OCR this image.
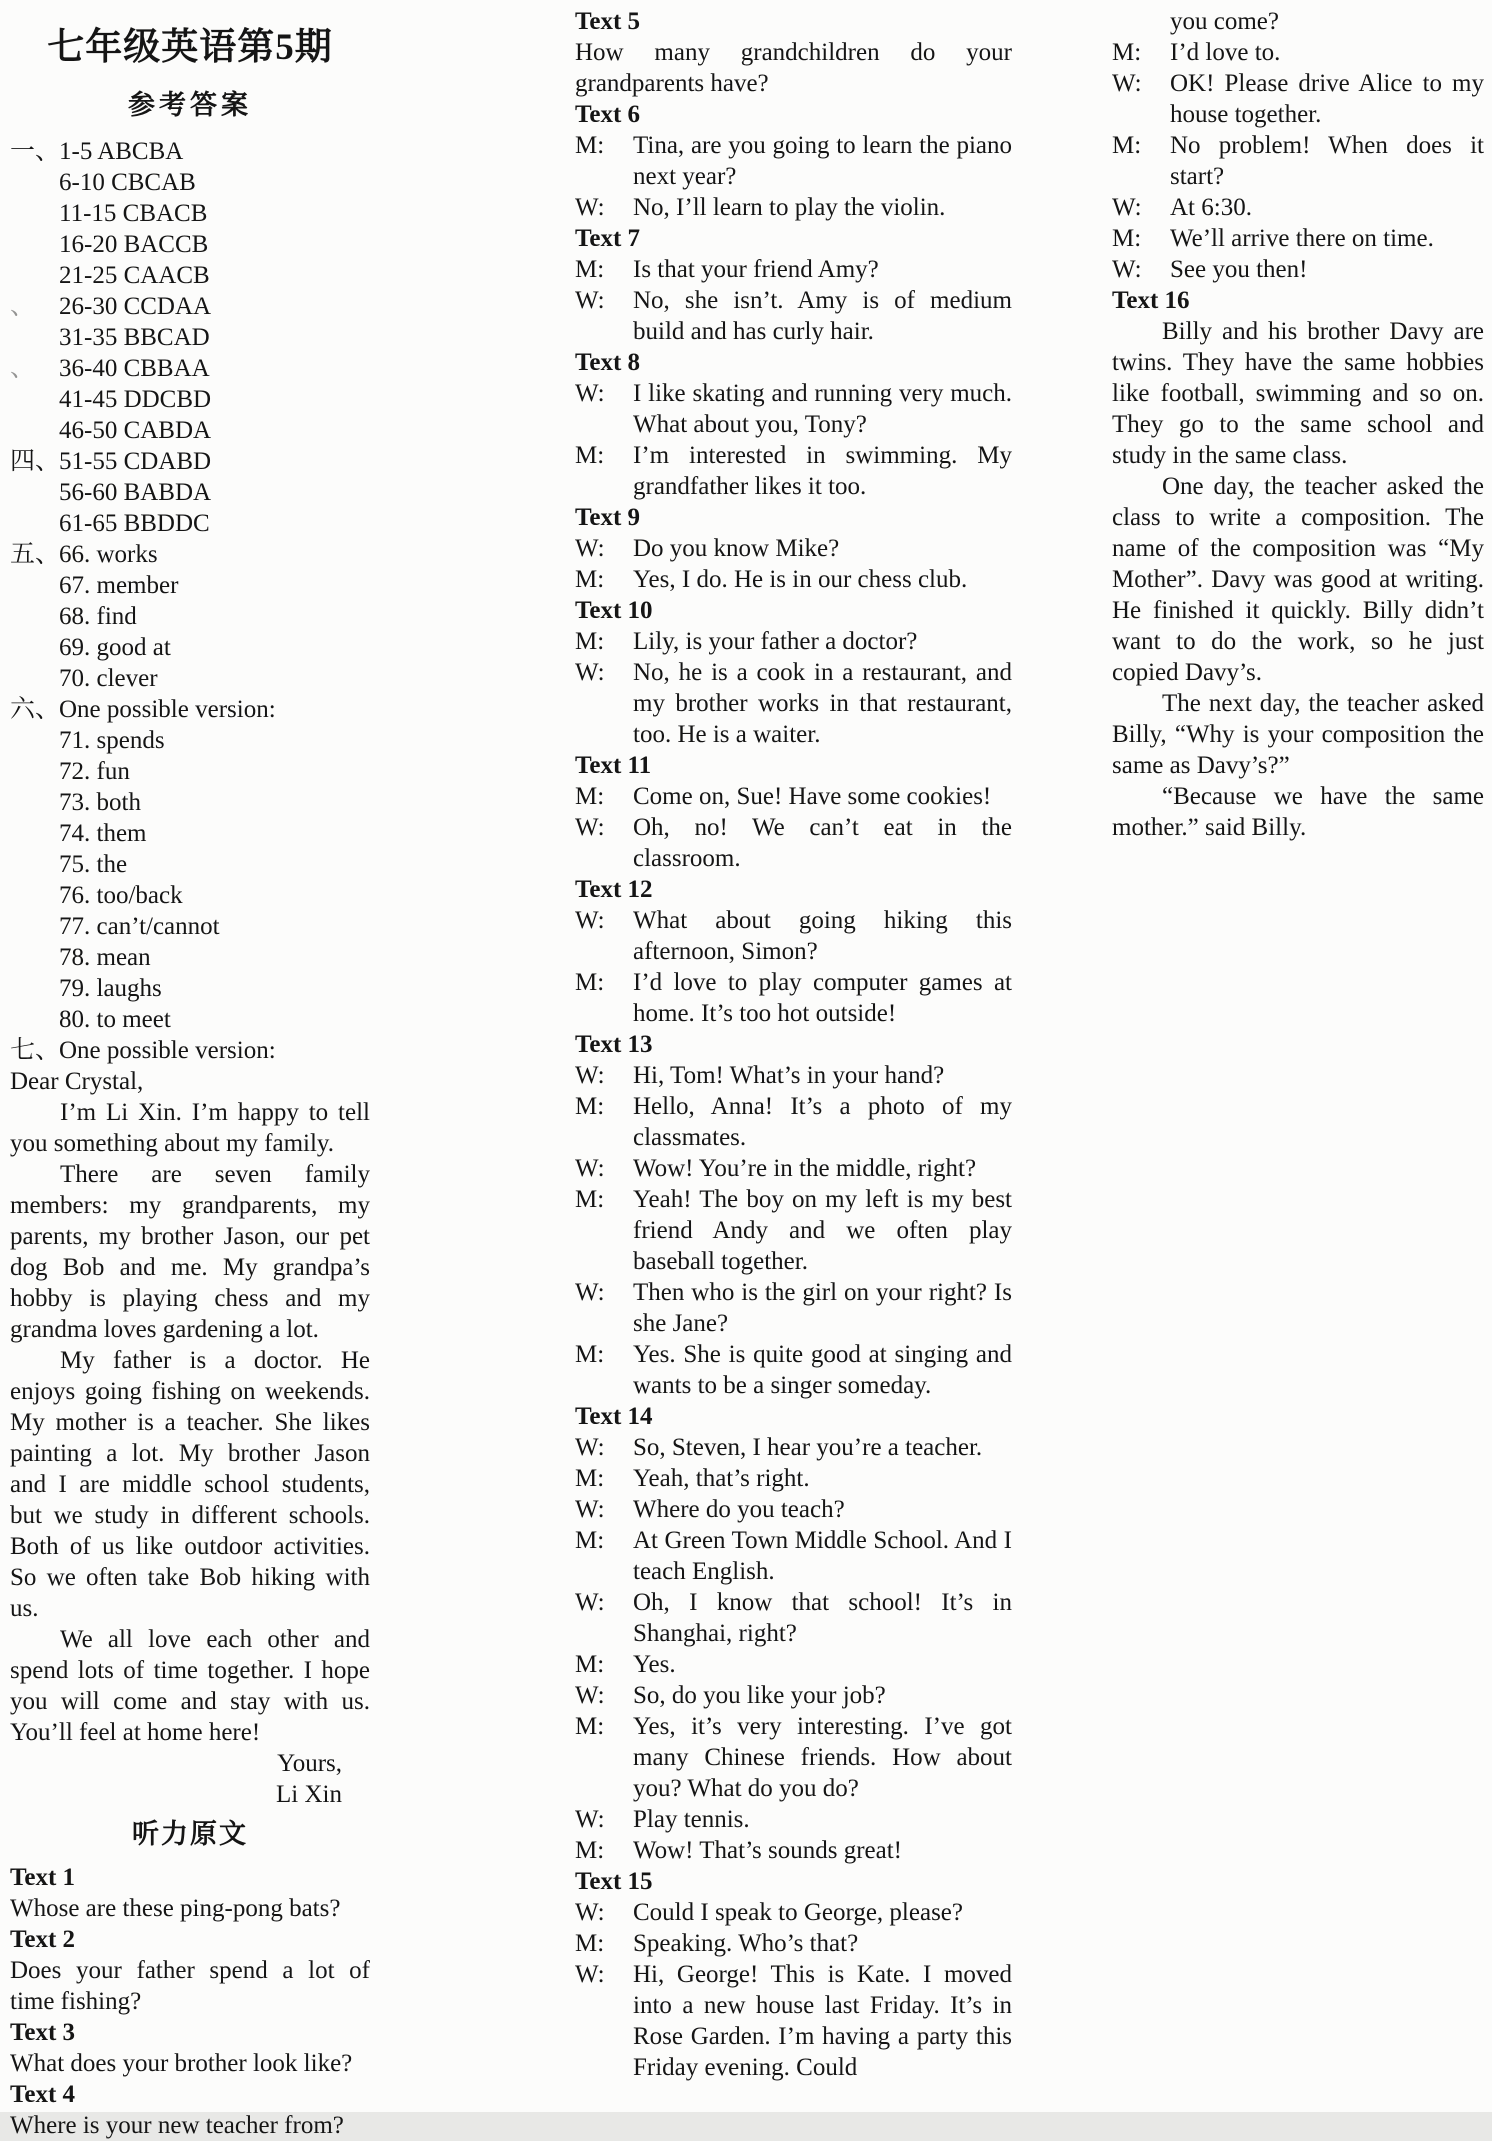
七年级英语第5期
参考答案
一、
1-5 ABCBA
6-10 CBCAB
11-15 CBACB
16-20 BACCB
21-25 CAACB
、 26-30 CCDAA
31-35 BBCAD
、 36-40 CBBAA
41-45 DDCBD
46-50 CABDA
四、
51-55 CDABD
56-60 BABDA
61-65 BBDDC
五、
66. works
67. member
68. find
69. good at
70. clever
六、
One possible version:
71. spends
72. fun
73. both
74. them
75. the
76. too/back
77. can’t/cannot
78. mean
79. laughs
80. to meet
七、
One possible version:
Dear Crystal,

I’m Li Xin. I’m happy to tell you something about my family.

There are seven family members: my grandparents, my parents, my brother Jason, our pet dog Bob and me. My grandpa’s hobby is playing chess and my grandma loves gardening a lot.

My father is a doctor. He enjoys going fishing on weekends. My mother is a teacher. She likes painting a lot. My brother Jason and I are middle school students, but we study in different schools. Both of us like outdoor activities. So we often take Bob hiking with us.

We all love each other and spend lots of time together. I hope you will come and stay with us. You’ll feel at home here!

Yours,
Li Xin
听力原文
Text 1

Whose are these ping-pong bats?

Text 2

Does your father spend a lot of time fishing?

Text 3

What does your brother look like?

Text 4

Where is your new teacher from?

Text 5

How many grandchildren do your grandparents have?

Text 6

M: Tina, are you going to learn the piano next year?

W: No, I’ll learn to play the violin.

Text 7

M: Is that your friend Amy?

W: No, she isn’t. Amy is of medium build and has curly hair.

Text 8

W: I like skating and running very much. What about you, Tony?

M: I’m interested in swimming. My grandfather likes it too.

Text 9

W: Do you know Mike?

M: Yes, I do. He is in our chess club.

Text 10

M: Lily, is your father a doctor?

W: No, he is a cook in a restaurant, and my brother works in that restaurant, too. He is a waiter.

Text 11

M: Come on, Sue! Have some cookies!

W: Oh, no! We can’t eat in the classroom.

Text 12

W: What about going hiking this afternoon, Simon?

M: I’d love to play computer games at home. It’s too hot outside!

Text 13

W: Hi, Tom! What’s in your hand?

M: Hello, Anna! It’s a photo of my classmates.

W: Wow! You’re in the middle, right?

M: Yeah! The boy on my left is my best friend Andy and we often play baseball together.

W: Then who is the girl on your right? Is she Jane?

M: Yes. She is quite good at singing and wants to be a singer someday.

Text 14

W: So, Steven, I hear you’re a teacher.

M: Yeah, that’s right.

W: Where do you teach?

M: At Green Town Middle School. And I teach English.

W: Oh, I know that school! It’s in Shanghai, right?

M: Yes.

W: So, do you like your job?

M: Yes, it’s very interesting. I’ve got many Chinese friends. How about you? What do you do?

W: Play tennis.

M: Wow! That’s sounds great!

Text 15

W: Could I speak to George, please?

M: Speaking. Who’s that?

W: Hi, George! This is Kate. I moved into a new house last Friday. It’s in Rose Garden. I’m having a party this Friday evening. Could

you come?

M: I’d love to.

W: OK! Please drive Alice to my house together.

M: No problem! When does it start?

W: At 6:30.

M: We’ll arrive there on time.

W: See you then!

Text 16

Billy and his brother Davy are twins. They have the same hobbies like football, swimming and so on. They go to the same school and study in the same class.

One day, the teacher asked the class to write a composition. The name of the composition was “My Mother”. Davy was good at writing. He finished it quickly. Billy didn’t want to do the work, so he just copied Davy’s.

The next day, the teacher asked Billy, “Why is your composition the same as Davy’s?”

“Because we have the same mother.” said Billy.
